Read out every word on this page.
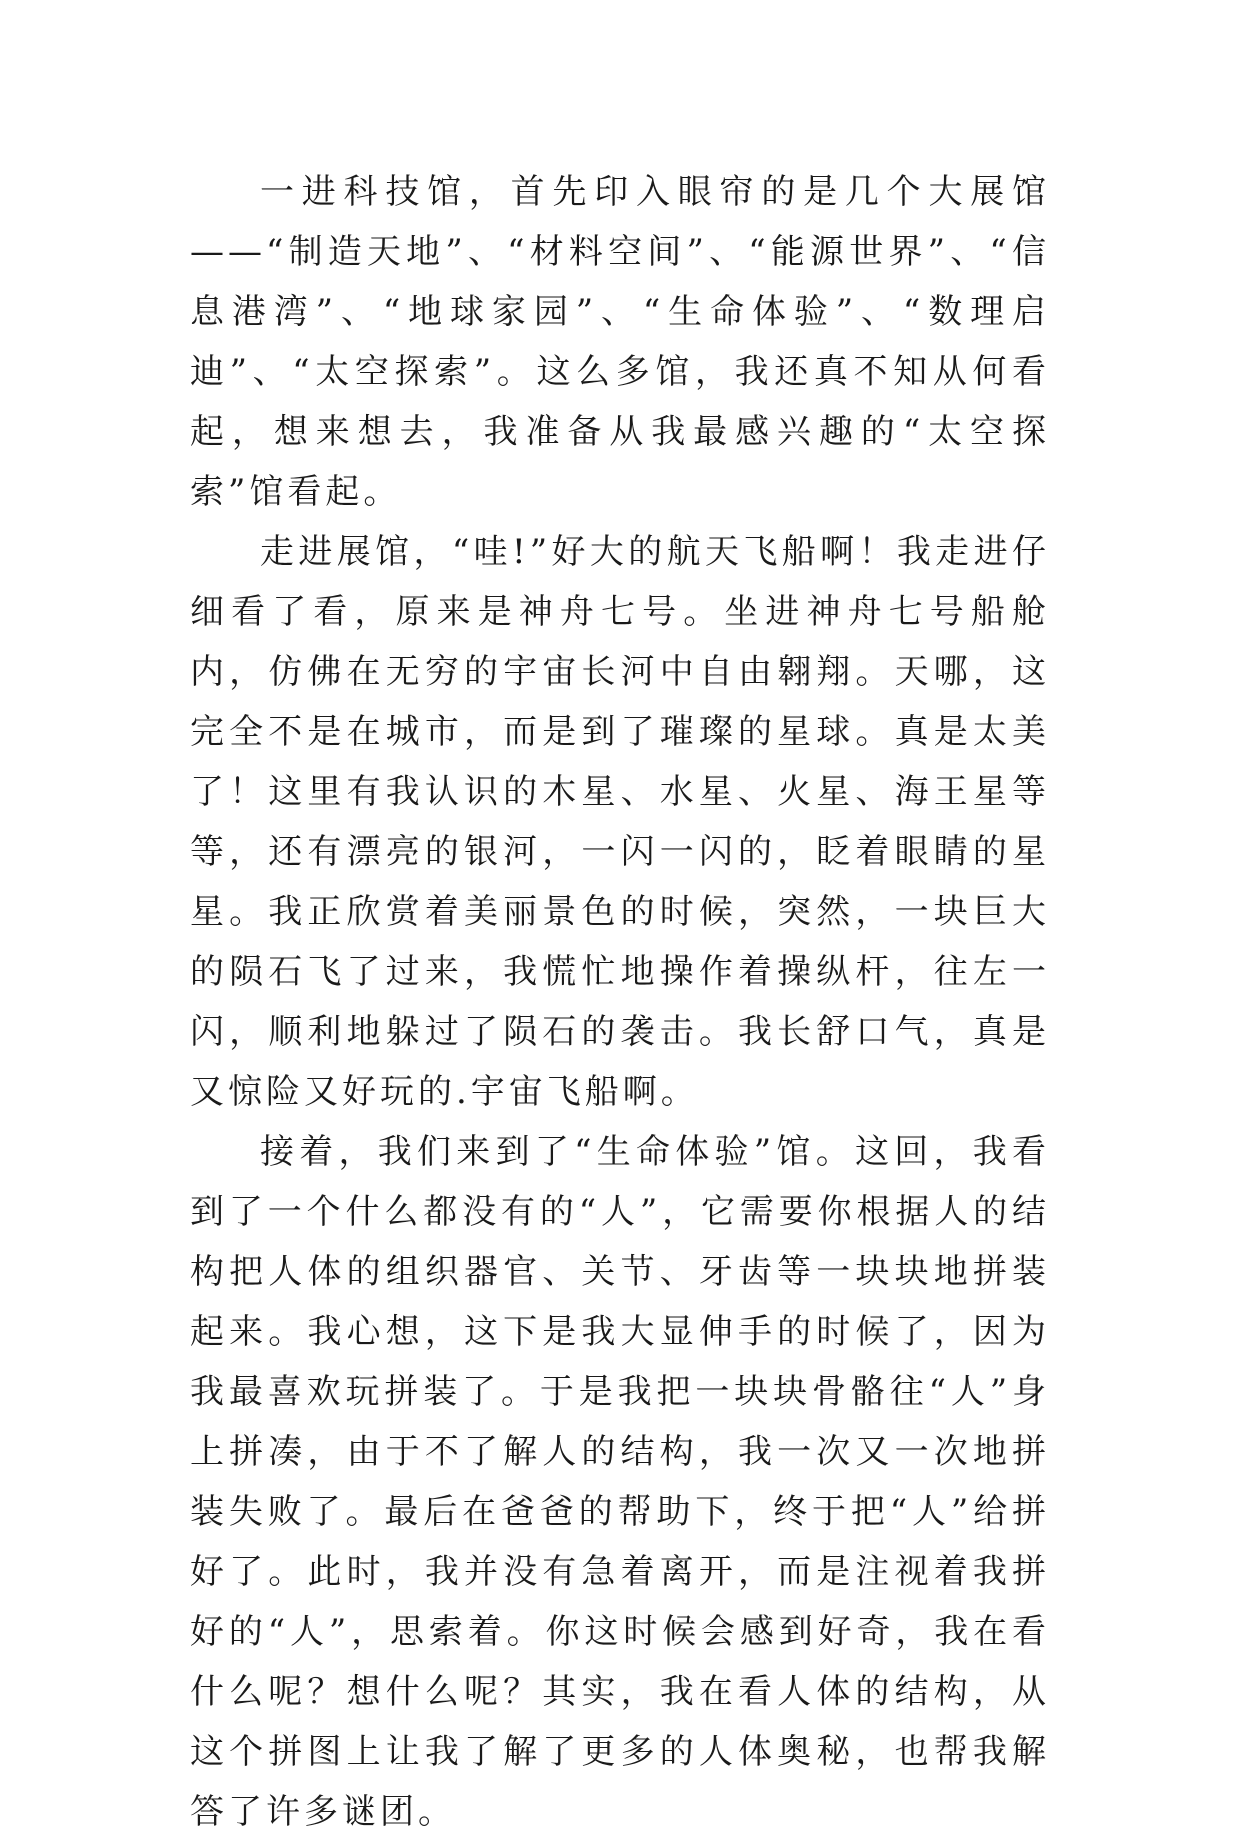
一进科技馆，首先印入眼帘的是几个大展馆——“制造天地”、“材料空间”、“能源世界”、“信息港湾”、“地球家园”、“生命体验”、“数理启迪”、“太空探索”。这么多馆，我还真不知从何看起，想来想去，我准备从我最感兴趣的“太空探索”馆看起。

走进展馆，“哇!”好大的航天飞船啊！我走进仔细看了看，原来是神舟七号。坐进神舟七号船舱内，仿佛在无穷的宇宙长河中自由翱翔。天哪，这完全不是在城市，而是到了璀璨的星球。真是太美了！这里有我认识的木星、水星、火星、海王星等等，还有漂亮的银河，一闪一闪的，眨着眼睛的星星。我正欣赏着美丽景色的时候，突然，一块巨大的陨石飞了过来，我慌忙地操作着操纵杆，往左一闪，顺利地躲过了陨石的袭击。我长舒口气，真是又惊险又好玩的.宇宙飞船啊。

接着，我们来到了“生命体验”馆。这回，我看到了一个什么都没有的“人”，它需要你根据人的结构把人体的组织器官、关节、牙齿等一块块地拼装起来。我心想，这下是我大显伸手的时候了，因为我最喜欢玩拼装了。于是我把一块块骨骼往“人”身上拼凑，由于不了解人的结构，我一次又一次地拼装失败了。最后在爸爸的帮助下，终于把“人”给拼好了。此时，我并没有急着离开，而是注视着我拼好的“人”，思索着。你这时候会感到好奇，我在看什么呢？想什么呢？其实，我在看人体的结构，从这个拼图上让我了解了更多的人体奥秘，也帮我解答了许多谜团。
